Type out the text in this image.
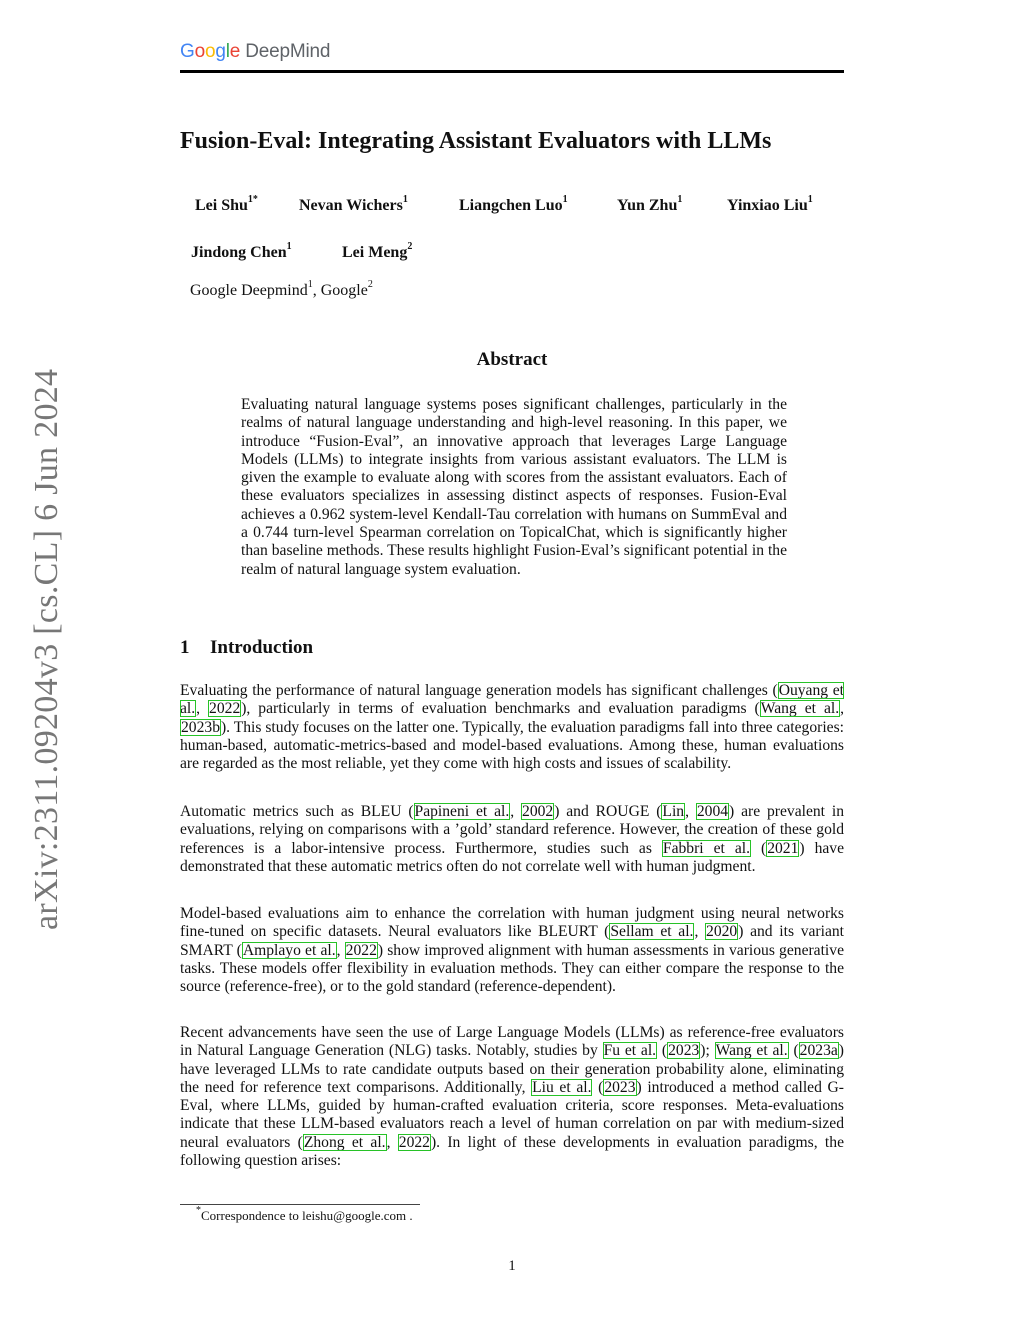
Google DeepMind
arXiv:2311.09204v3 [cs.CL] 6 Jun 2024
Fusion-Eval: Integrating Assistant Evaluators with LLMs
Lei Shu$^{1*}$	Nevan Wichers$^1$	Liangchen Luo$^1$	Yun Zhu$^1$	Yinxiao Liu$^1$
Jindong Chen$^1$	Lei Meng$^2$
Google Deepmind$^1$, Google$^2$
Abstract
Evaluating natural language systems poses significant challenges, particularly in the realms of natural language understanding and high-level reasoning. In this paper, we introduce “Fusion-Eval”, an innovative approach that leverages Large Language Models (LLMs) to integrate insights from various assistant evaluators. The LLM is given the example to evaluate along with scores from the assistant evaluators. Each of these evaluators specializes in assessing distinct aspects of responses. Fusion-Eval achieves a 0.962 system-level Kendall-Tau correlation with humans on SummEval and a 0.744 turn-level Spearman correlation on TopicalChat, which is significantly higher than baseline methods. These results highlight Fusion-Eval’s significant potential in the realm of natural language system evaluation.
1 Introduction

Evaluating the performance of natural language generation models has significant challenges (Ouyang et al., 2022), particularly in terms of evaluation benchmarks and evaluation paradigms (Wang et al., 2023b). This study focuses on the latter one. Typically, the evaluation paradigms fall into three categories: human-based, automatic-metrics-based and model-based evaluations. Among these, human evaluations are regarded as the most reliable, yet they come with high costs and issues of scalability.

Automatic metrics such as BLEU (Papineni et al., 2002) and ROUGE (Lin, 2004) are prevalent in evaluations, relying on comparisons with a ’gold’ standard reference. However, the creation of these gold references is a labor-intensive process. Furthermore, studies such as Fabbri et al. (2021) have demonstrated that these automatic metrics often do not correlate well with human judgment.

Model-based evaluations aim to enhance the correlation with human judgment using neural networks fine-tuned on specific datasets. Neural evaluators like BLEURT (Sellam et al., 2020) and its variant SMART (Amplayo et al., 2022) show improved alignment with human assessments in various generative tasks. These models offer flexibility in evaluation methods. They can either compare the response to the source (reference-free), or to the gold standard (reference-dependent).

Recent advancements have seen the use of Large Language Models (LLMs) as reference-free evaluators in Natural Language Generation (NLG) tasks. Notably, studies by Fu et al. (2023); Wang et al. (2023a) have leveraged LLMs to rate candidate outputs based on their generation probability alone, eliminating the need for reference text comparisons. Additionally, Liu et al. (2023) introduced a method called G-Eval, where LLMs, guided by human-crafted evaluation criteria, score responses. Meta-evaluations indicate that these LLM-based evaluators reach a level of human correlation on par with medium-sized neural evaluators (Zhong et al., 2022). In light of these developments in evaluation paradigms, the following question arises:

*Correspondence to leishu@google.com .
1
